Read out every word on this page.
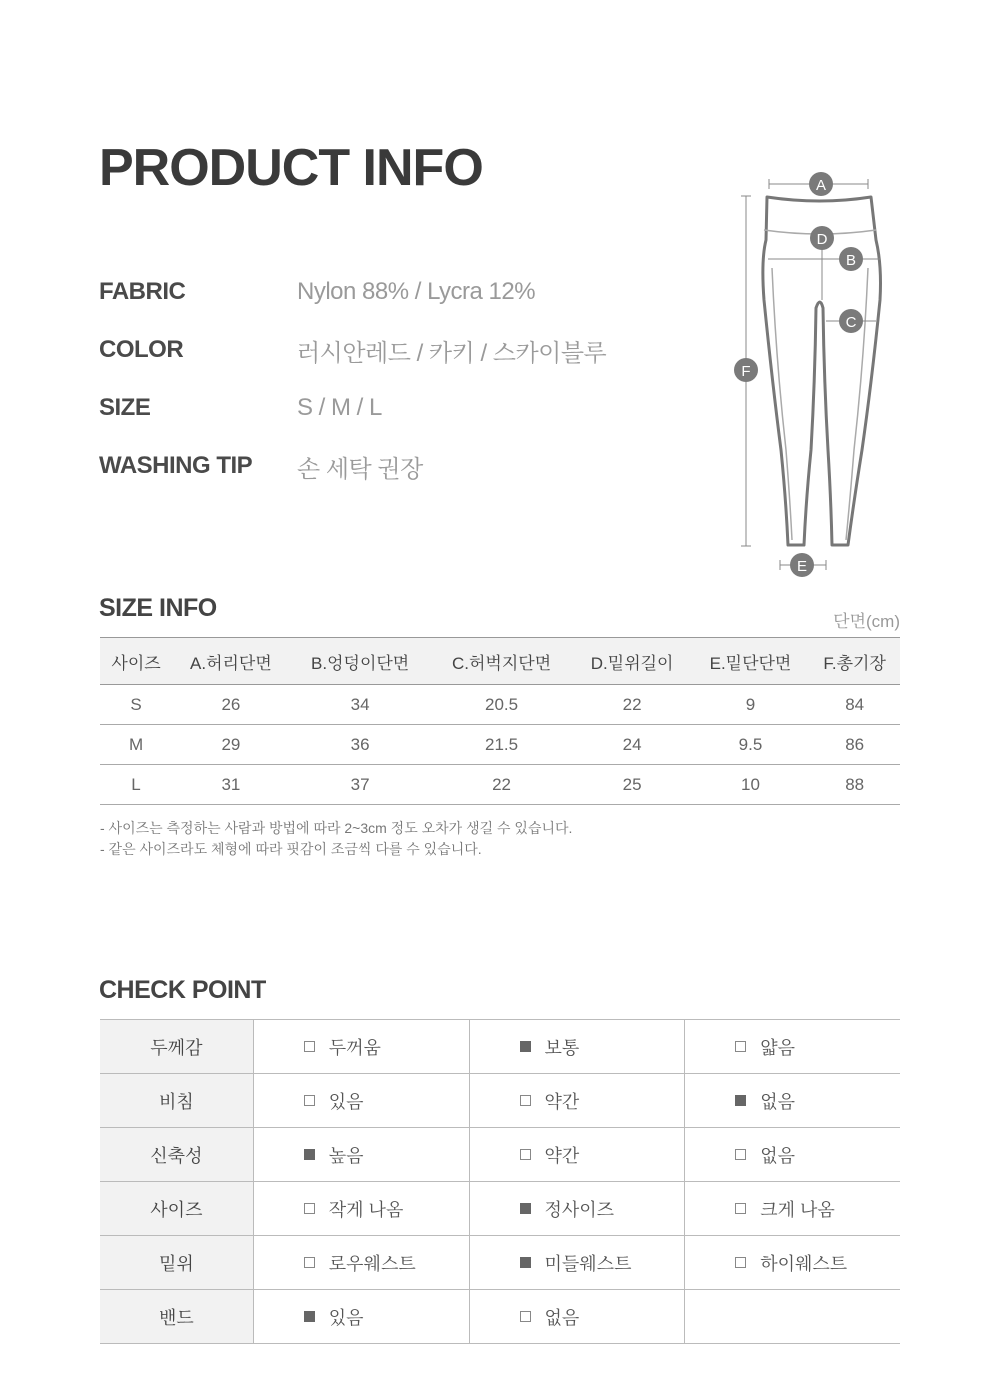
PRODUCT INFO
FABRIC	Nylon 88% / Lycra 12%
COLOR	러시안레드 / 카키 / 스카이블루
SIZE	S / M / L
WASHING TIP	손 세탁 권장
A
D
B
C
F
E
SIZE INFO	단면(cm)
사이즈	A.허리단면	B.엉덩이단면	C.허벅지단면	D.밑위길이	E.밑단단면	F.총기장
S	26	34	20.5	22	9	84
M	29	36	21.5	24	9.5	86
L	31	37	22	25	10	88
- 사이즈는 측정하는 사람과 방법에 따라 2~3cm 정도 오차가 생길 수 있습니다.
- 같은 사이즈라도 체형에 따라 핏감이 조금씩 다를 수 있습니다.
CHECK POINT
두께감	두꺼움	보통	얇음
비침	있음	약간	없음
신축성	높음	약간	없음
사이즈	작게 나옴	정사이즈	크게 나옴
밑위	로우웨스트	미들웨스트	하이웨스트
밴드	있음	없음	
